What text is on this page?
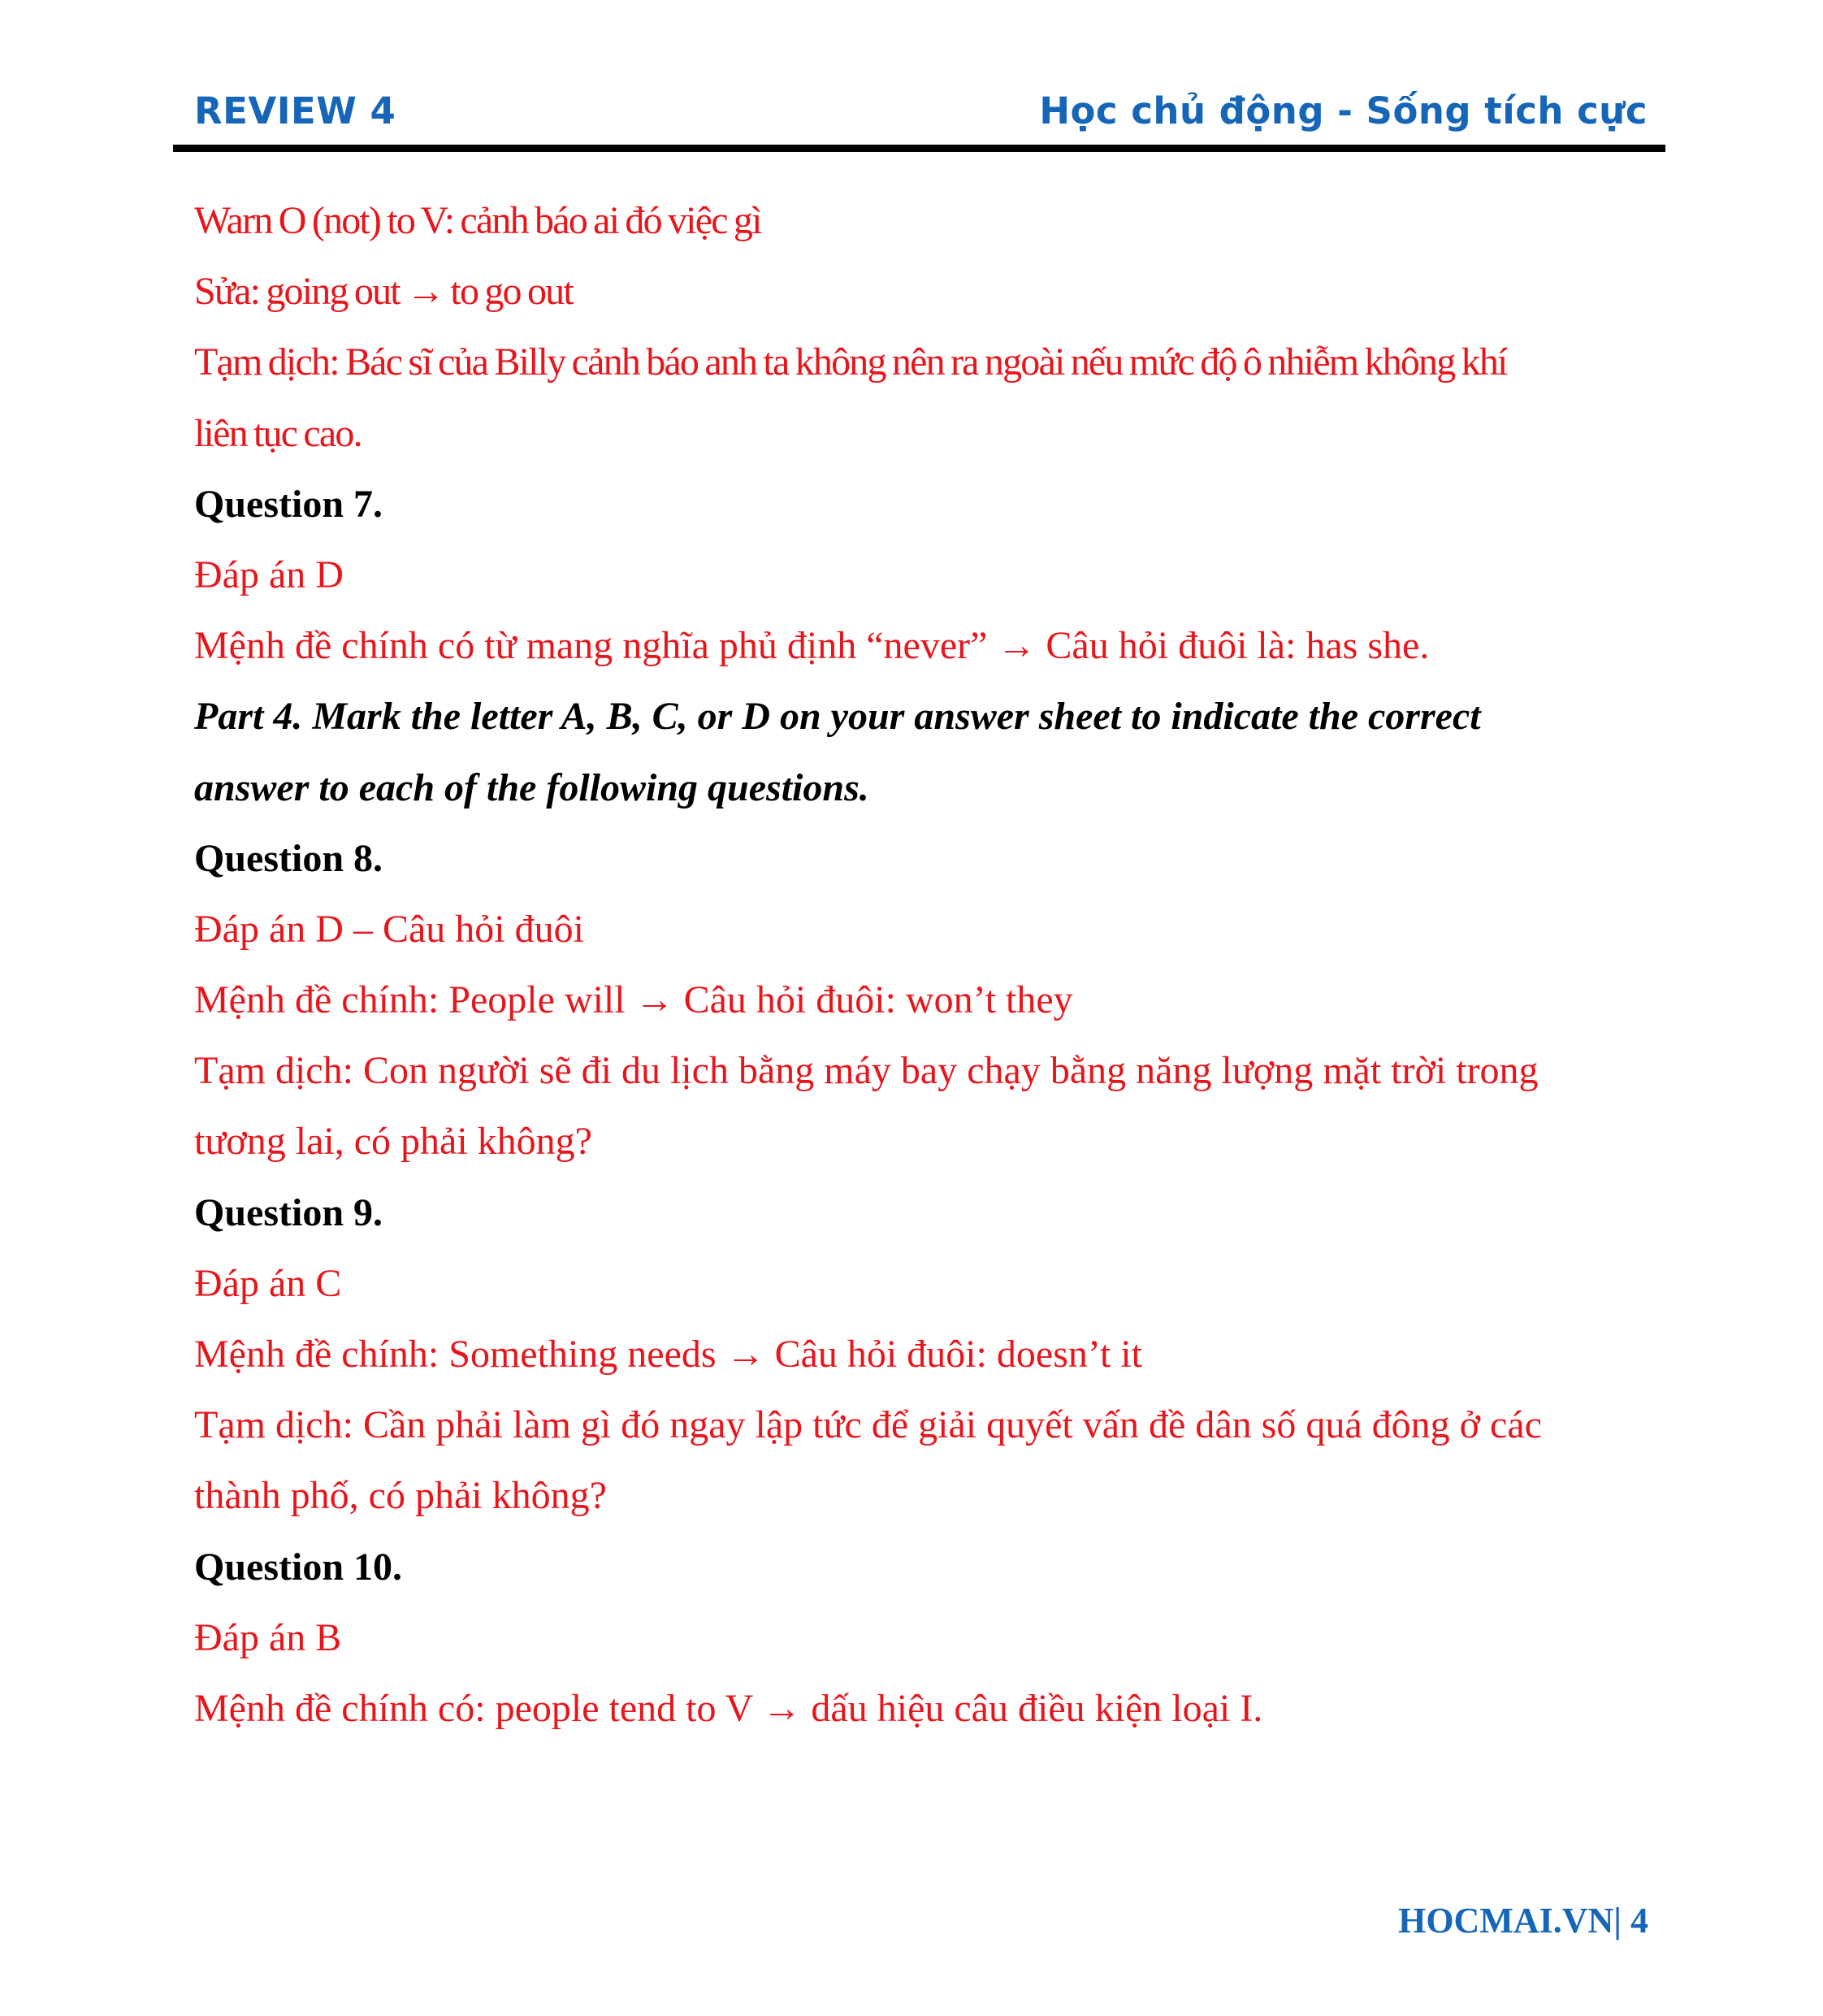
REVIEW 4	Học chủ động - Sống tích cực
Warn O (not) to V: cảnh báo ai đó việc gì
Sửa: going out → to go out
Tạm dịch: Bác sĩ của Billy cảnh báo anh ta không nên ra ngoài nếu mức độ ô nhiễm không khí
liên tục cao.
Question 7.
Đáp án D
Mệnh đề chính có từ mang nghĩa phủ định “never” → Câu hỏi đuôi là: has she.
Part 4. Mark the letter A, B, C, or D on your answer sheet to indicate the correct
answer to each of the following questions.
Question 8.
Đáp án D – Câu hỏi đuôi
Mệnh đề chính: People will → Câu hỏi đuôi: won’t they
Tạm dịch: Con người sẽ đi du lịch bằng máy bay chạy bằng năng lượng mặt trời trong
tương lai, có phải không?
Question 9.
Đáp án C
Mệnh đề chính: Something needs → Câu hỏi đuôi: doesn’t it
Tạm dịch: Cần phải làm gì đó ngay lập tức để giải quyết vấn đề dân số quá đông ở các
thành phố, có phải không?
Question 10.
Đáp án B
Mệnh đề chính có: people tend to V → dấu hiệu câu điều kiện loại I.
HOCMAI.VN| 4
